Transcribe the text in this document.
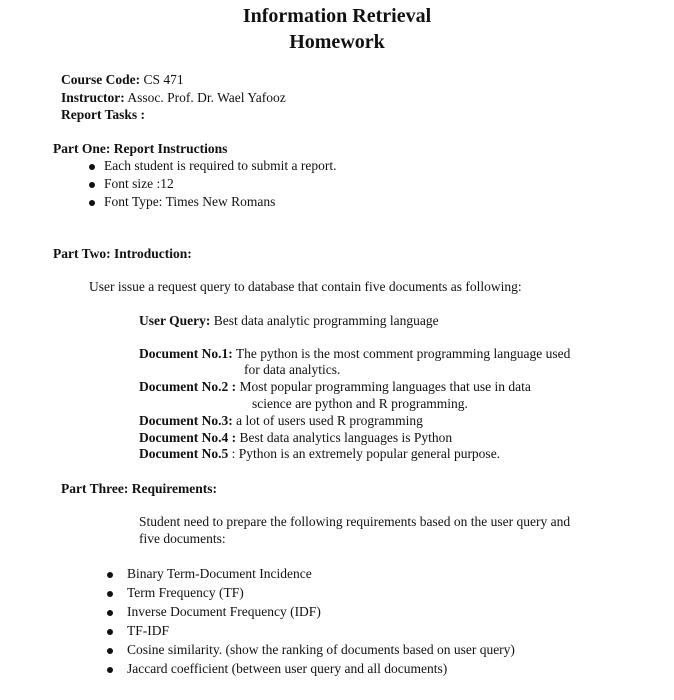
Information Retrieval
Homework
Course Code: CS 471
Instructor: Assoc. Prof. Dr. Wael Yafooz
Report Tasks :
Part One: Report Instructions
Each student is required to submit a report.
Font size :12
Font Type: Times New Romans
Part Two: Introduction:
User issue a request query to database that contain five documents as following:
User Query: Best data analytic programming language
Document No.1: The python is the most comment programming language used
for data analytics.
Document No.2 : Most popular programming languages that use in data
science are python and R programming.
Document No.3: a lot of users used R programming
Document No.4 : Best data analytics languages is Python
Document No.5 : Python is an extremely popular general purpose.
Part Three: Requirements:
Student need to prepare the following requirements based on the user query and
five documents:
Binary Term-Document Incidence
Term Frequency (TF)
Inverse Document Frequency (IDF)
TF-IDF
Cosine similarity. (show the ranking of documents based on user query)
Jaccard coefficient (between user query and all documents)
